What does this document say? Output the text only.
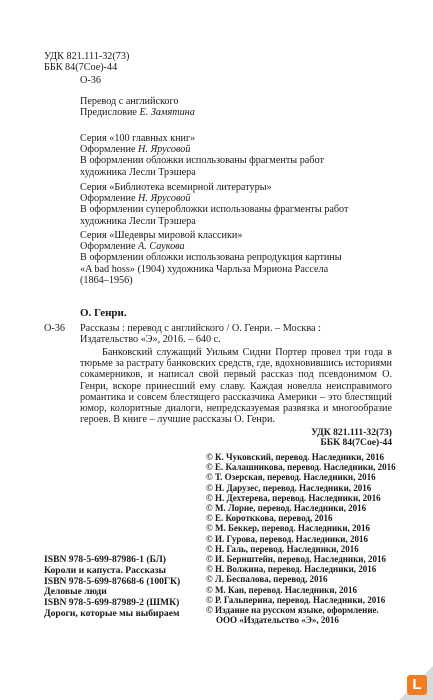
УДК 821.111-32(73)
ББК 84(7Сое)-44
О-36
Перевод с английского
Предисловие Е. Замятина
Серия «100 главных книг»
Оформление Н. Ярусовой
В оформлении обложки использованы фрагменты работ
художника Лесли Трэшера
Серия «Библиотека всемирной литературы»
Оформление Н. Ярусовой
В оформлении суперобложки использованы фрагменты работ
художника Лесли Трэшера
Серия «Шедевры мировой классики»
Оформление А. Саукова
В оформлении обложки использована репродукция картины
«A bad hoss» (1904) художника Чарльза Мэрионa Рассела
(1864–1956)
О. Генри.
О-36 Рассказы : перевод с английского / О. Генри. – Москва :
Издательство «Э», 2016. – 640 с.
Банковский служащий Уильям Сидни Портер провел три года в тюрьме за растрату банковских средств, где, вдохновившись историями сокамерников, и написал свой первый рассказ под псевдонимом О. Генри, вскоре принесший ему славу. Каждая новелла неисправимого романтика и совсем блестящего рассказчика Америки – это блестящий юмор, колоритные диалоги, непредсказуемая развязка и многообразие героев. В книге – лучшие рассказы О. Генри.
УДК 821.111-32(73)
ББК 84(7Сое)-44
© К. Чуковский, перевод. Наследники, 2016
© Е. Калашникова, перевод. Наследники, 2016
© Т. Озерская, перевод. Наследники, 2016
© Н. Дарузес, перевод. Наследники, 2016
© Н. Дехтерева, перевод. Наследники, 2016
© М. Лорие, перевод. Наследники, 2016
© Е. Коротккова, перевод, 2016
© М. Беккер, перевод. Наследники, 2016
© И. Гурова, перевод. Наследники, 2016
© Н. Галь, перевод. Наследники, 2016
© И. Бернштейн, перевод. Наследники, 2016
© Н. Волжина, перевод. Наследники, 2016
© Л. Беспалова, перевод, 2016
© М. Кан, перевод. Наследники, 2016
© Р. Гальперина, перевод. Наследники, 2016
© Издание на русском языке, оформление.
ООО «Издательство «Э», 2016
ISBN 978-5-699-87986-1 (БЛ)
Короли и капуста. Рассказы
ISBN 978-5-699-87668-6 (100ГК)
Деловые люди
ISBN 978-5-699-87989-2 (ШМК)
Дороги, которые мы выбираем
L
